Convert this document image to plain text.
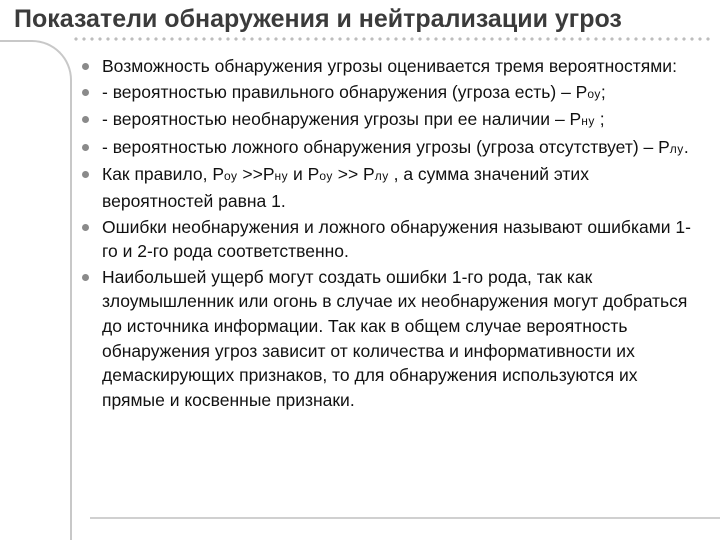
Показатели обнаружения и нейтрализации угроз
Возможность обнаружения угрозы оценивается тремя вероятностями:
- вероятностью правильного обнаружения (угроза есть) – Роу;
- вероятностью необнаружения угрозы при ее наличии – Рну ;
- вероятностью ложного обнаружения угрозы (угроза отсутствует) – Рлу.
Как правило, Роу >>Рну и Роу >> Рлу , а сумма значений этих вероятностей равна 1.
Ошибки необнаружения и ложного обнаружения называют ошибками 1-го и 2-го рода соответственно.
Наибольшей ущерб могут создать ошибки 1-го рода, так как злоумышленник или огонь в случае их необнаружения могут добраться до источника информации. Так как в общем случае вероятность обнаружения угроз зависит от количества и информативности их демаскирующих признаков, то для обнаружения используются их прямые и косвенные признаки.
